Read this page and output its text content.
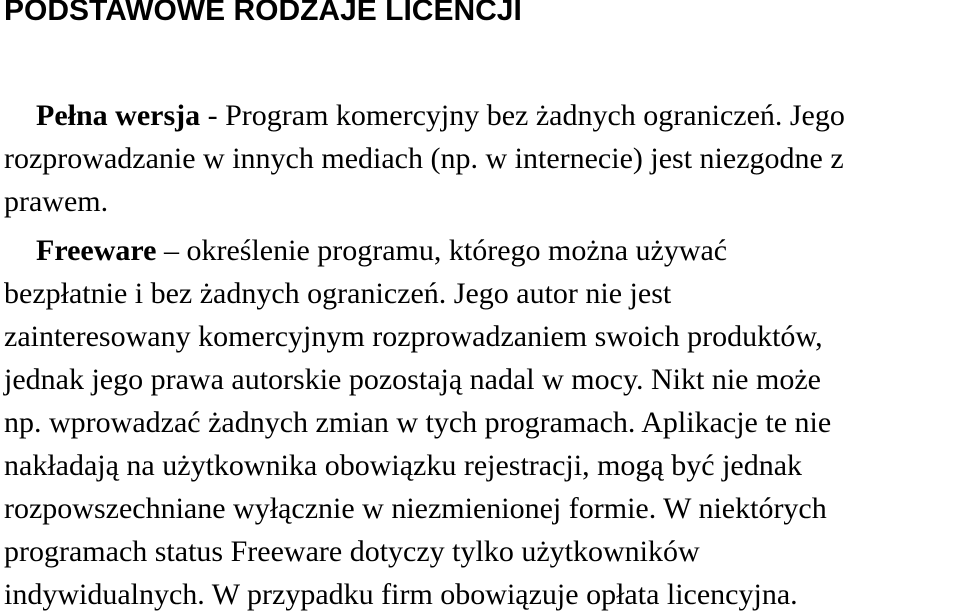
PODSTAWOWE RODZAJE LICENCJI
Pełna wersja - Program komercyjny bez żadnych ograniczeń. Jego
rozprowadzanie w innych mediach (np. w internecie) jest niezgodne z
prawem.
Freeware – określenie programu, którego można używać
bezpłatnie i bez żadnych ograniczeń. Jego autor nie jest
zainteresowany komercyjnym rozprowadzaniem swoich produktów,
jednak jego prawa autorskie pozostają nadal w mocy. Nikt nie może
np. wprowadzać żadnych zmian w tych programach. Aplikacje te nie
nakładają na użytkownika obowiązku rejestracji, mogą być jednak
rozpowszechniane wyłącznie w niezmienionej formie. W niektórych
programach status Freeware dotyczy tylko użytkowników
indywidualnych. W przypadku firm obowiązuje opłata licencyjna.
